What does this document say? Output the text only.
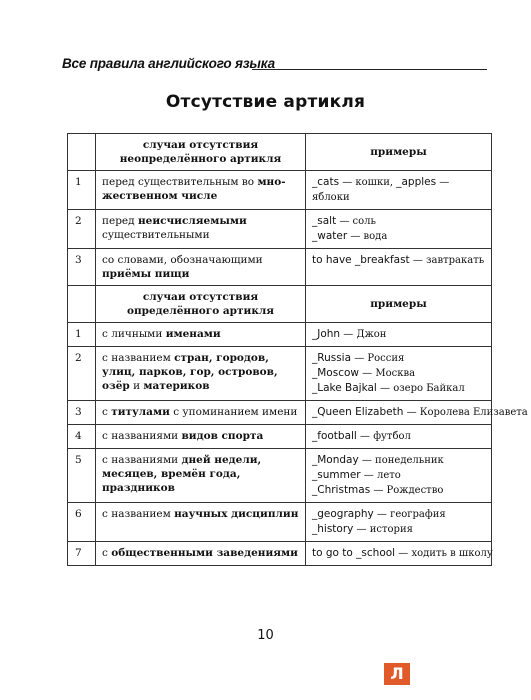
Все правила английского языка
Отсутствие артикля
	случаи отсутствия неопределённого артикля	примеры
1	перед существительным во множественном числе	_cats — кошки, _apples — яблоки
2	перед неисчисляемыми существительными	_salt — соль
_water — вода

3	со словами, обозначающими приёмы пищи	to have _breakfast — завтракать

	случаи отсутствия определённого артикля	примеры
1	с личными именами	_John — Джон

2	с названием стран, городов, улиц, парков, гор, островов, озёр и материков	_Russia — Россия
_Moscow — Москва
_Lake Bajkal — озеро Байкал

3	с титулами с упоминанием имени	_Queen Elizabeth — Королева Елизавета

4	с названиями видов спорта	_football — футбол

5	с названиями дней недели, месяцев, времён года, праздников	_Monday — понедельник
_summer — лето
_Christmas — Рождество

6	с названием научных дисциплин	_geography — география
_history — история

7	с общественными заведениями	to go to _school — ходить в школу
10
Л
